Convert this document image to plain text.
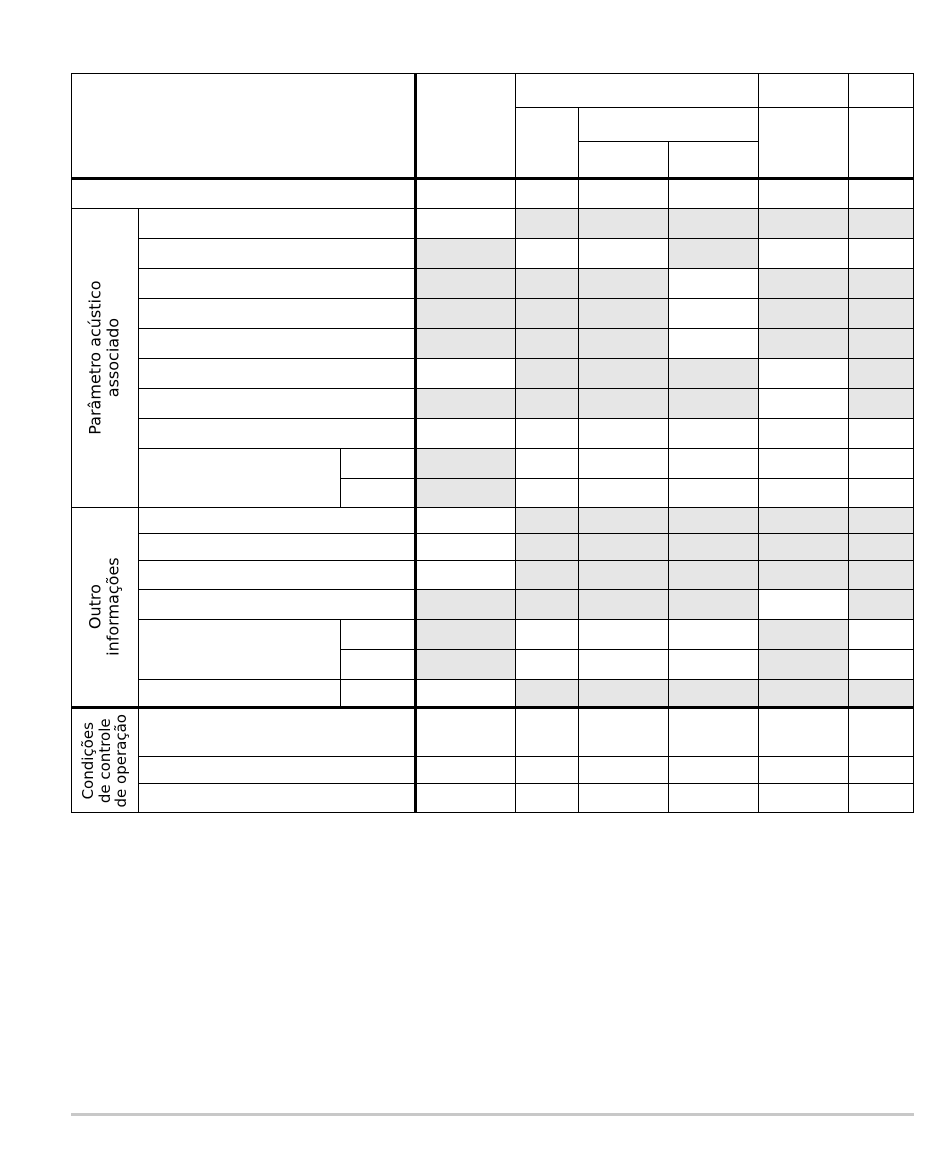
Parâmetro acústico
associado
Outro
informações
Condições
de controle
de operação
